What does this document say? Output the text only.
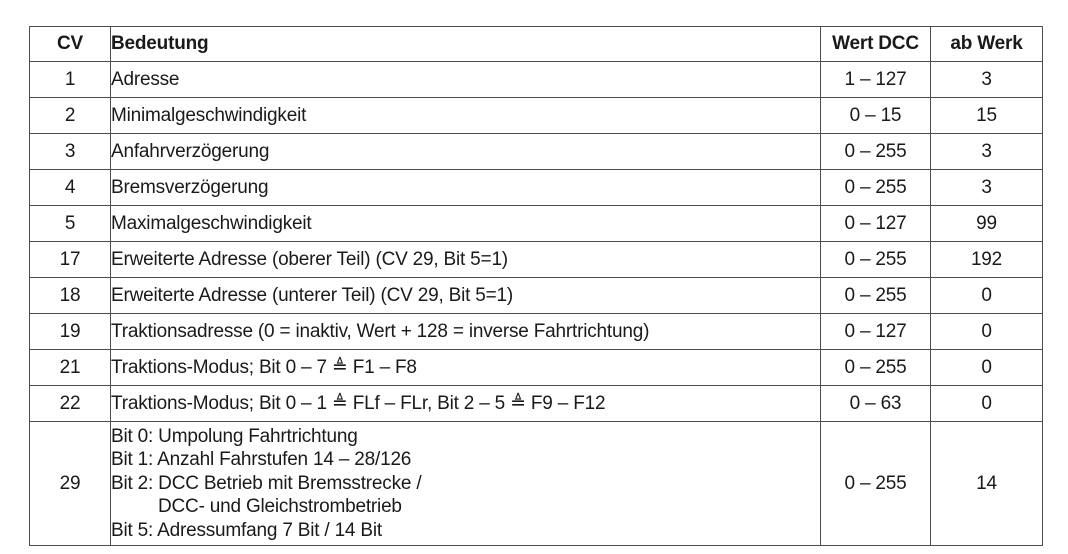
CV	Bedeutung	Wert DCC	ab Werk
1	Adresse	1 – 127	3
2	Minimalgeschwindigkeit	0 – 15	15
3	Anfahrverzögerung	0 – 255	3
4	Bremsverzögerung	0 – 255	3
5	Maximalgeschwindigkeit	0 – 127	99
17	Erweiterte Adresse (oberer Teil) (CV 29, Bit 5=1)	0 – 255	192
18	Erweiterte Adresse (unterer Teil) (CV 29, Bit 5=1)	0 – 255	0
19	Traktionsadresse (0 = inaktiv, Wert + 128 = inverse Fahrtrichtung)	0 – 127	0
21	Traktions-Modus; Bit 0 – 7 ≜ F1 – F8	0 – 255	0
22	Traktions-Modus; Bit 0 – 1 ≜ FLf – FLr, Bit 2 – 5 ≜ F9 – F12	0 – 63	0
29	Bit 0: Umpolung Fahrtrichtung
Bit 1: Anzahl Fahrstufen 14 – 28/126
Bit 2: DCC Betrieb mit Bremsstrecke /
DCC- und Gleichstrombetrieb
Bit 5: Adressumfang 7 Bit / 14 Bit	0 – 255	14
